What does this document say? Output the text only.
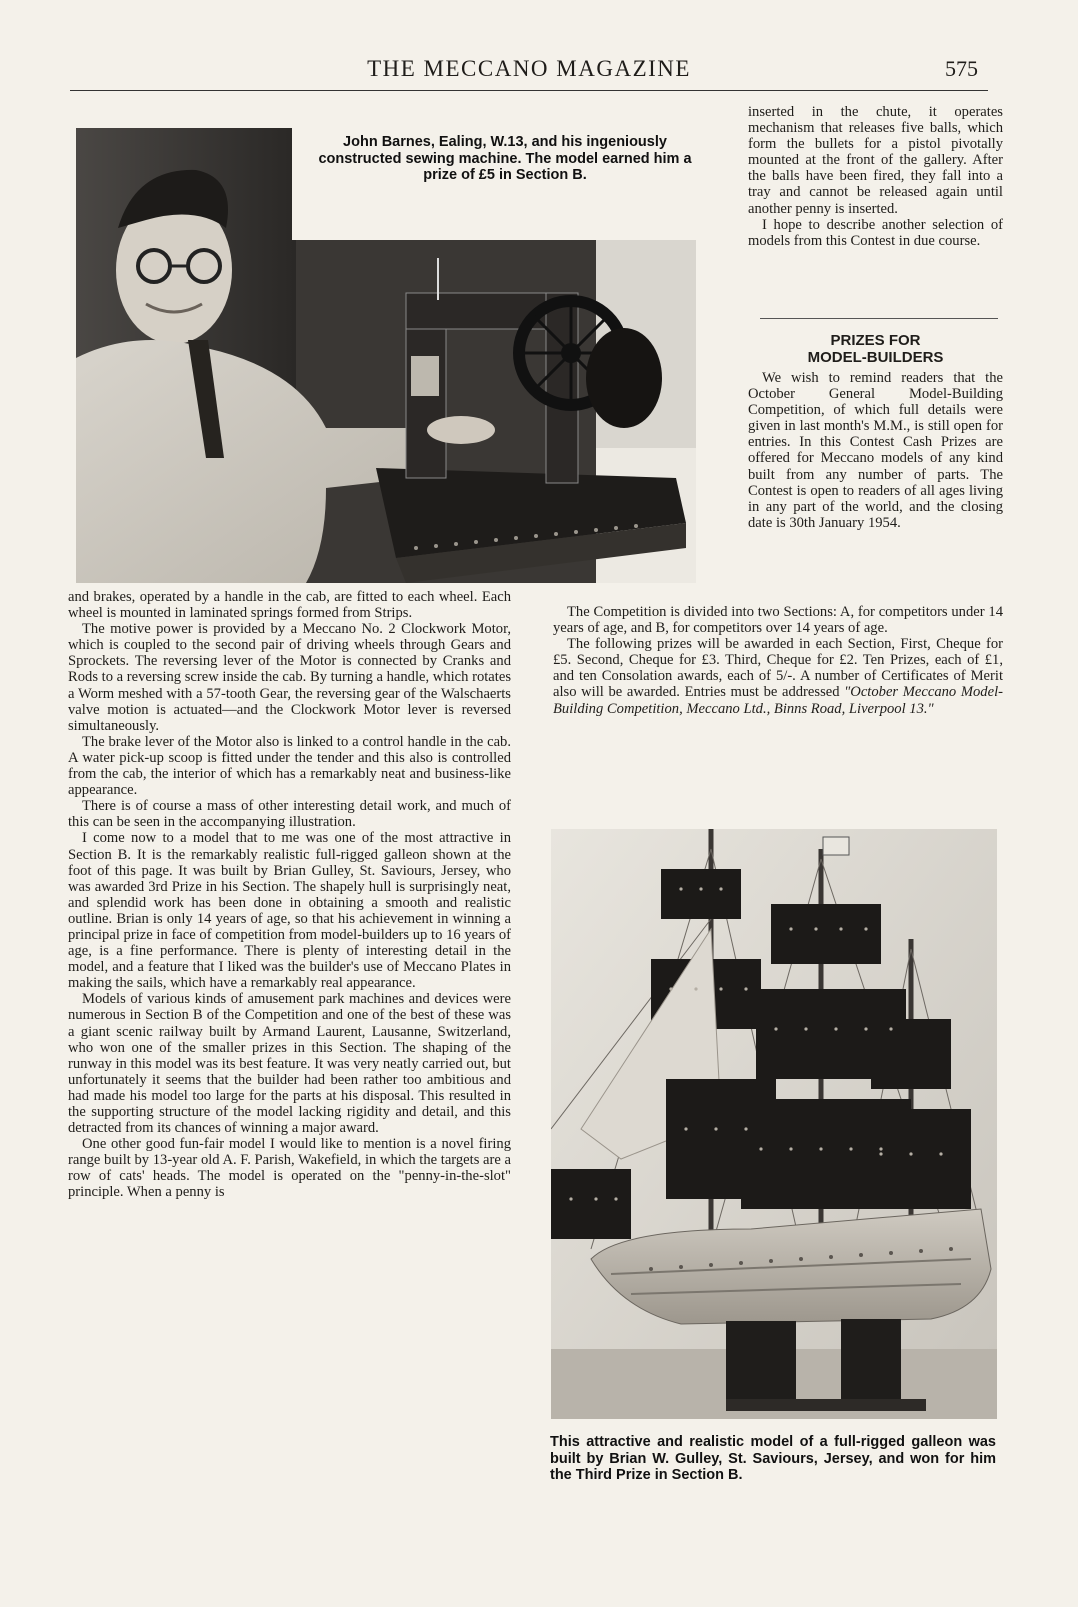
THE MECCANO MAGAZINE	575
John Barnes, Ealing, W.13, and his ingeniously constructed sewing machine. The model earned him a prize of £5 in Section B.

and brakes, operated by a handle in the cab, are fitted to each wheel. Each wheel is mounted in laminated springs formed from Strips.

The motive power is provided by a Meccano No. 2 Clockwork Motor, which is coupled to the second pair of driving wheels through Gears and Sprockets. The reversing lever of the Motor is connected by Cranks and Rods to a reversing screw inside the cab. By turning a handle, which rotates a Worm meshed with a 57-tooth Gear, the reversing gear of the Walschaerts valve motion is actuated—and the Clockwork Motor lever is reversed simultaneously.

The brake lever of the Motor also is linked to a control handle in the cab. A water pick-up scoop is fitted under the tender and this also is controlled from the cab, the interior of which has a remarkably neat and business-like appearance.

There is of course a mass of other interesting detail work, and much of this can be seen in the accompanying illustration.

I come now to a model that to me was one of the most attractive in Section B. It is the remarkably realistic full-rigged galleon shown at the foot of this page. It was built by Brian Gulley, St. Saviours, Jersey, who was awarded 3rd Prize in his Section. The shapely hull is surprisingly neat, and splendid work has been done in obtaining a smooth and realistic outline. Brian is only 14 years of age, so that his achievement in winning a principal prize in face of competition from model-builders up to 16 years of age, is a fine performance. There is plenty of interesting detail in the model, and a feature that I liked was the builder's use of Meccano Plates in making the sails, which have a remarkably real appearance.

Models of various kinds of amusement park machines and devices were numerous in Section B of the Competition and one of the best of these was a giant scenic railway built by Armand Laurent, Lausanne, Switzerland, who won one of the smaller prizes in this Section. The shaping of the runway in this model was its best feature. It was very neatly carried out, but unfortunately it seems that the builder had been rather too ambitious and had made his model too large for the parts at his disposal. This resulted in the supporting structure of the model lacking rigidity and detail, and this detracted from its chances of winning a major award.

One other good fun-fair model I would like to mention is a novel firing range built by 13-year old A. F. Parish, Wakefield, in which the targets are a row of cats' heads. The model is operated on the "penny-in-the-slot" principle. When a penny is

inserted in the chute, it operates mechanism that releases five balls, which form the bullets for a pistol pivotally mounted at the front of the gallery. After the balls have been fired, they fall into a tray and cannot be released again until another penny is inserted.

I hope to describe another selection of models from this Contest in due course.

PRIZES FOR
MODEL-BUILDERS

We wish to remind readers that the October General Model-Building Competition, of which full details were given in last month's M.M., is still open for entries. In this Contest Cash Prizes are offered for Meccano models of any kind built from any number of parts. The Contest is open to readers of all ages living in any part of the world, and the closing date is 30th January 1954.

The Competition is divided into two Sections: A, for competitors under 14 years of age, and B, for competitors over 14 years of age.

The following prizes will be awarded in each Section, First, Cheque for £5. Second, Cheque for £3. Third, Cheque for £2. Ten Prizes, each of £1, and ten Consolation awards, each of 5/-. A number of Certificates of Merit also will be awarded. Entries must be addressed "October Meccano Model-Building Competition, Meccano Ltd., Binns Road, Liverpool 13."

This attractive and realistic model of a full-rigged galleon was built by Brian W. Gulley, St. Saviours, Jersey, and won for him the Third Prize in Section B.
